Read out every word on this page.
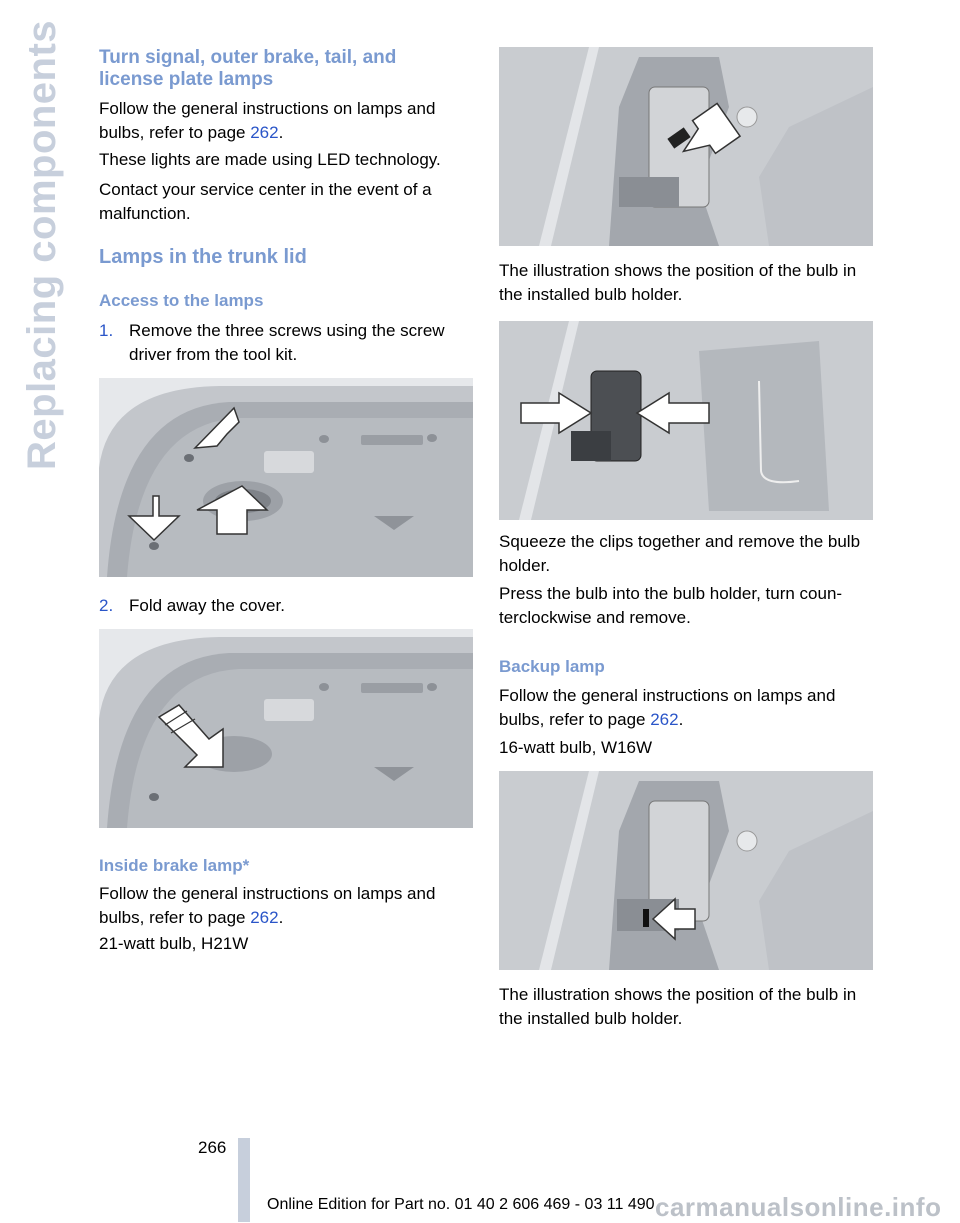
Replacing components Turn signal, outer brake, tail, and
license plate lamps
Follow the general instructions on lamps and
bulbs, refer to page 262.
These lights are made using LED technology.
Contact your service center in the event of a
malfunction.
Lamps in the trunk lid
Access to the lamps
1. Remove the three screws using the screw
driver from the tool kit.
2. Fold away the cover.
Inside brake lamp*
Follow the general instructions on lamps and
bulbs, refer to page 262.
21-watt bulb, H21W
The illustration shows the position of the bulb in
the installed bulb holder.
Squeeze the clips together and remove the bulb
holder.
Press the bulb into the bulb holder, turn coun‐
terclockwise and remove.
Backup lamp
Follow the general instructions on lamps and
bulbs, refer to page 262.
16-watt bulb, W16W
The illustration shows the position of the bulb in
the installed bulb holder.
266
Online Edition for Part no. 01 40 2 606 469 - 03 11 490 carmanualsonline.info
